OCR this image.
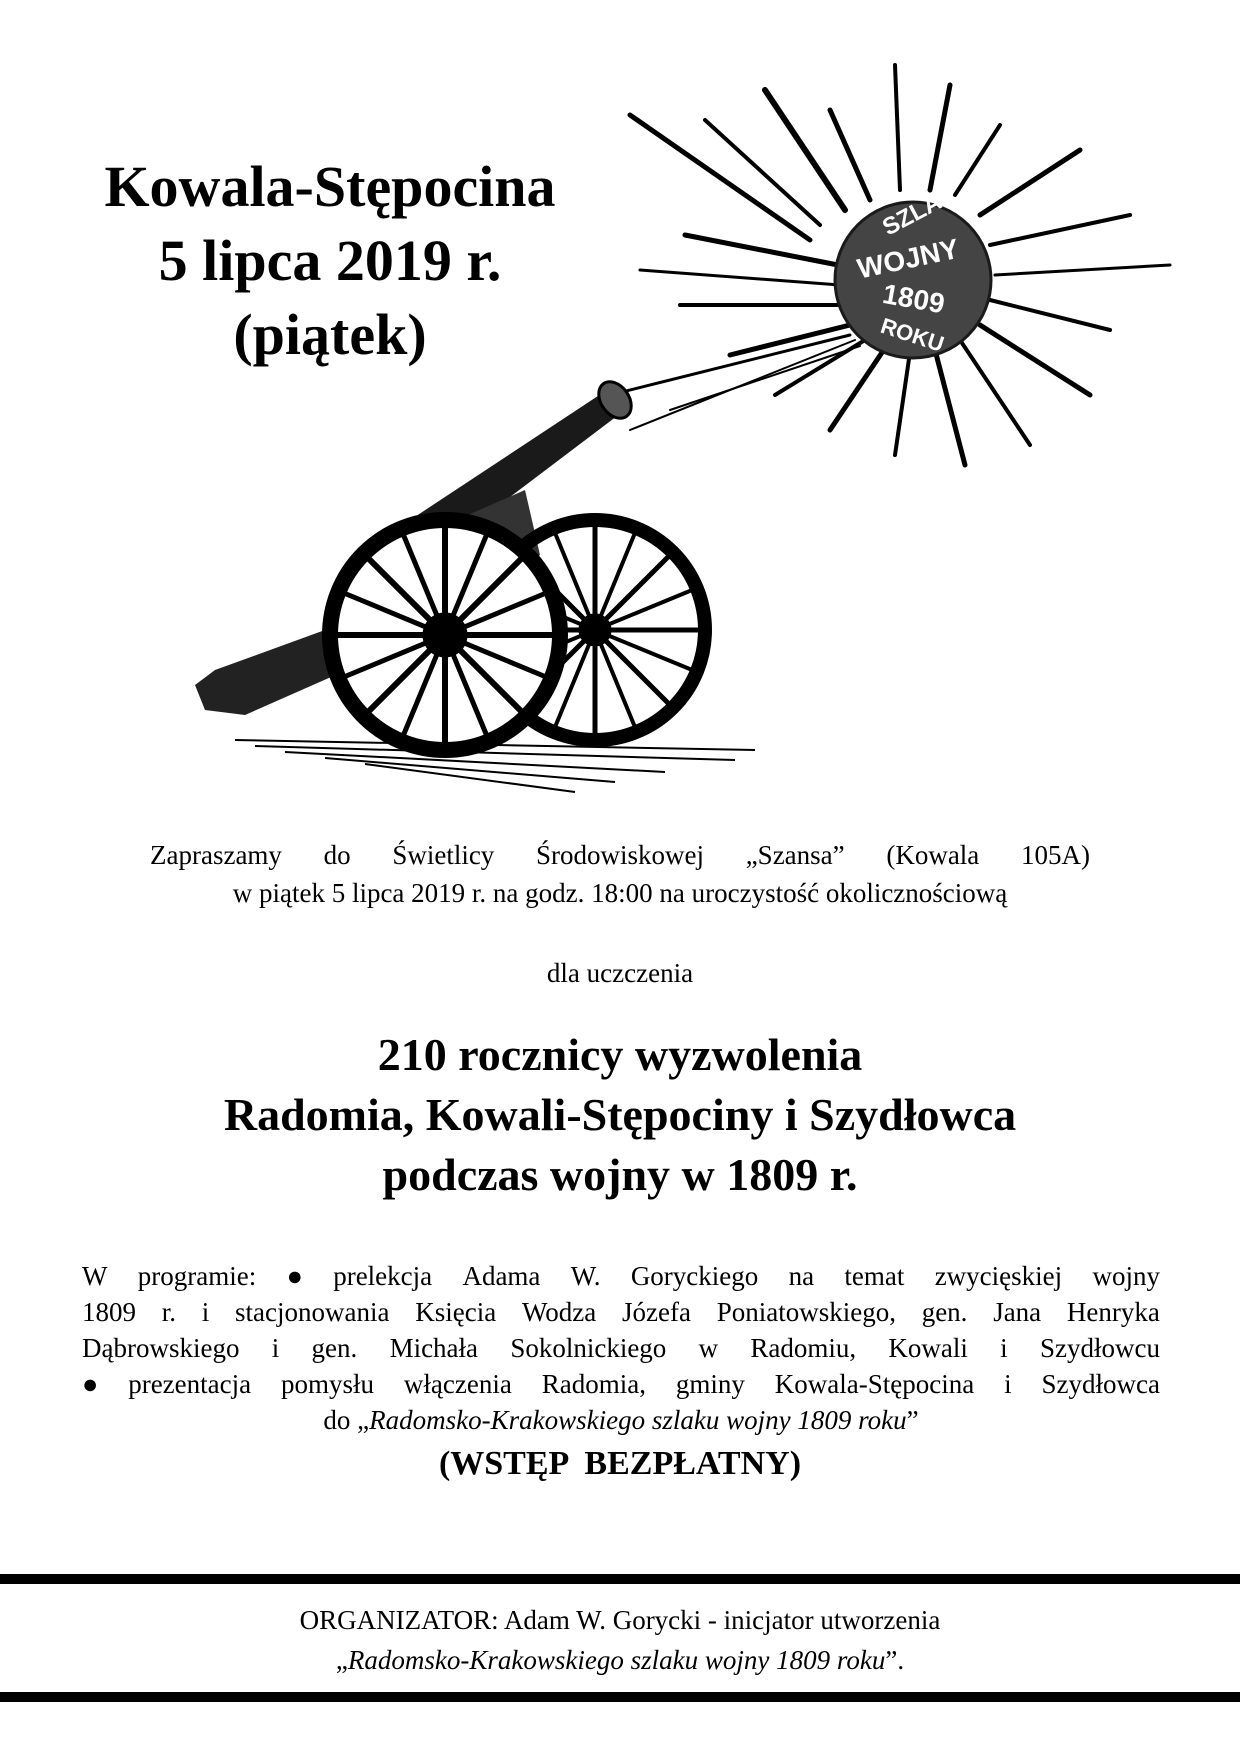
Kowala-Stępocina
5 lipca 2019 r.
(piątek)
SZLAK
WOJNY
1809
ROKU
Zapraszamy do Świetlicy Środowiskowej „Szansa” (Kowala 105A)
w piątek 5 lipca 2019 r. na godz. 18:00 na uroczystość okolicznościową
dla uczczenia
210 rocznicy wyzwolenia
Radomia, Kowali-Stępociny i Szydłowca
podczas wojny w 1809 r.
W programie: ● prelekcja Adama W. Goryckiego na temat zwycięskiej wojny
1809 r. i stacjonowania Księcia Wodza Józefa Poniatowskiego, gen. Jana Henryka
Dąbrowskiego i gen. Michała Sokolnickiego w Radomiu, Kowali i Szydłowcu
● prezentacja pomysłu włączenia Radomia, gminy Kowala-Stępocina i Szydłowca
do „Radomsko-Krakowskiego szlaku wojny 1809 roku”
(WSTĘP  BEZPŁATNY)
ORGANIZATOR: Adam W. Gorycki - inicjator utworzenia
„Radomsko-Krakowskiego szlaku wojny 1809 roku”.
